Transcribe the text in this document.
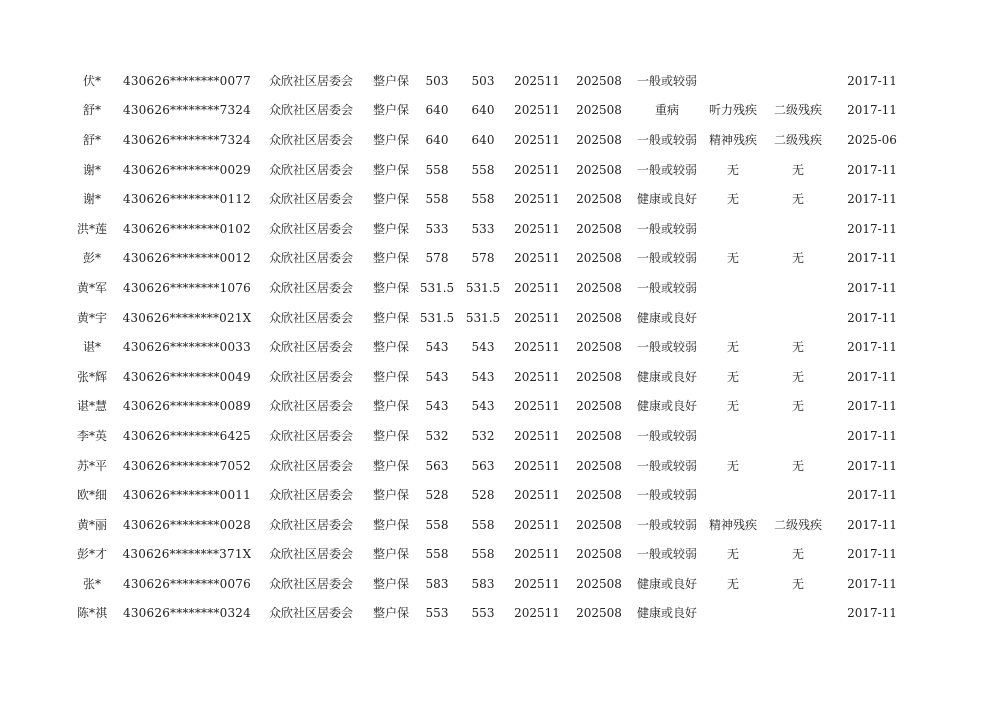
伏*	430626********0077	众欣社区居委会	整户保	503	503	202511	202508	一般或较弱			2017-11
舒*	430626********7324	众欣社区居委会	整户保	640	640	202511	202508	重病	听力残疾	二级残疾	2017-11
舒*	430626********7324	众欣社区居委会	整户保	640	640	202511	202508	一般或较弱	精神残疾	二级残疾	2025-06
谢*	430626********0029	众欣社区居委会	整户保	558	558	202511	202508	一般或较弱	无	无	2017-11
谢*	430626********0112	众欣社区居委会	整户保	558	558	202511	202508	健康或良好	无	无	2017-11
洪*莲	430626********0102	众欣社区居委会	整户保	533	533	202511	202508	一般或较弱			2017-11
彭*	430626********0012	众欣社区居委会	整户保	578	578	202511	202508	一般或较弱	无	无	2017-11
黄*军	430626********1076	众欣社区居委会	整户保	531.5	531.5	202511	202508	一般或较弱			2017-11
黄*宇	430626********021X	众欣社区居委会	整户保	531.5	531.5	202511	202508	健康或良好			2017-11
谌*	430626********0033	众欣社区居委会	整户保	543	543	202511	202508	一般或较弱	无	无	2017-11
张*辉	430626********0049	众欣社区居委会	整户保	543	543	202511	202508	健康或良好	无	无	2017-11
谌*慧	430626********0089	众欣社区居委会	整户保	543	543	202511	202508	健康或良好	无	无	2017-11
李*英	430626********6425	众欣社区居委会	整户保	532	532	202511	202508	一般或较弱			2017-11
苏*平	430626********7052	众欣社区居委会	整户保	563	563	202511	202508	一般或较弱	无	无	2017-11
欧*细	430626********0011	众欣社区居委会	整户保	528	528	202511	202508	一般或较弱			2017-11
黄*丽	430626********0028	众欣社区居委会	整户保	558	558	202511	202508	一般或较弱	精神残疾	二级残疾	2017-11
彭*才	430626********371X	众欣社区居委会	整户保	558	558	202511	202508	一般或较弱	无	无	2017-11
张*	430626********0076	众欣社区居委会	整户保	583	583	202511	202508	健康或良好	无	无	2017-11
陈*祺	430626********0324	众欣社区居委会	整户保	553	553	202511	202508	健康或良好			2017-11
